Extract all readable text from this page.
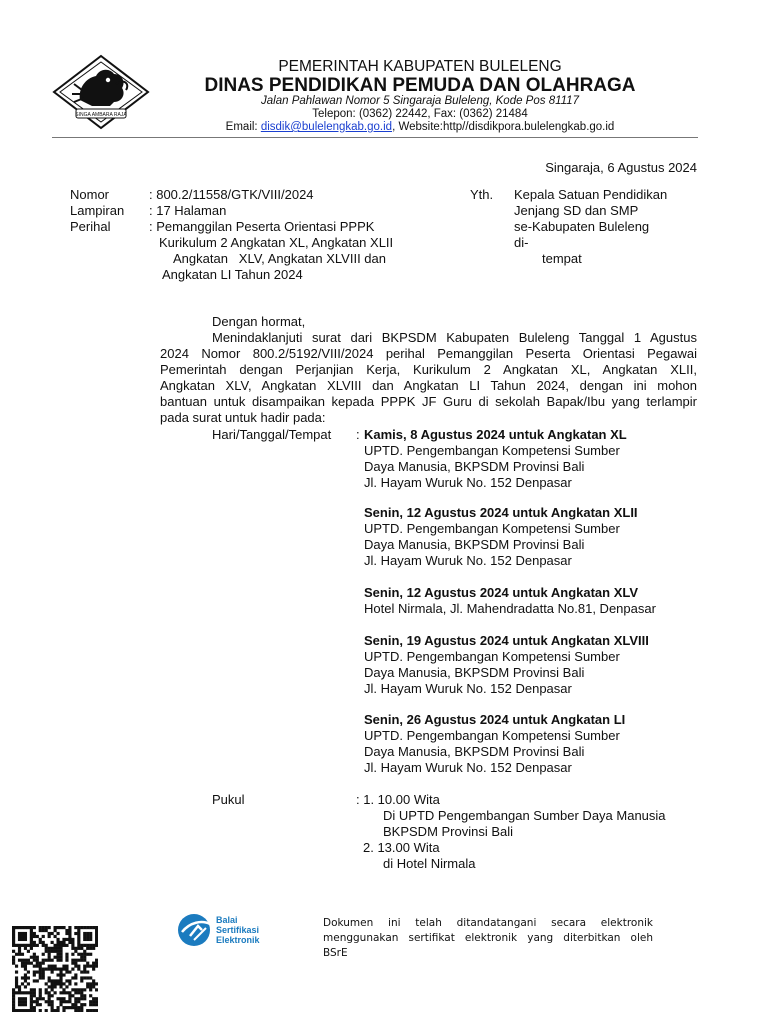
SINGA AMBARA RAJA
PEMERINTAH KABUPATEN BULELENG
DINAS PENDIDIKAN PEMUDA DAN OLAHRAGA
Jalan Pahlawan Nomor 5 Singaraja Buleleng, Kode Pos 81117
Telepon: (0362) 22442, Fax: (0362) 21484
Email: disdik@bulelengkab.go.id, Website:http//disdikpora.bulelengkab.go.id
Singaraja, 6 Agustus 2024
Nomor	: 800.2/11558/GTK/VIII/2024
Lampiran : 17 Halaman
Perihal	: Pemanggilan Peserta Orientasi PPPK
Kurikulum 2 Angkatan XL, Angkatan XLII
Angkatan   XLV, Angkatan XLVIII dan
Angkatan LI Tahun 2024
Yth. Kepala Satuan Pendidikan
Jenjang SD dan SMP
se-Kabupaten Buleleng
di-
tempat
Dengan hormat,
Menindaklanjuti surat dari BKPSDM Kabupaten Buleleng Tanggal 1 Agustus
2024 Nomor 800.2/5192/VIII/2024 perihal Pemanggilan Peserta Orientasi Pegawai
Pemerintah dengan Perjanjian Kerja, Kurikulum 2 Angkatan XL, Angkatan XLII,
Angkatan XLV, Angkatan XLVIII dan Angkatan LI Tahun 2024, dengan ini mohon
bantuan untuk disampaikan kepada PPPK JF Guru di sekolah Bapak/Ibu yang terlampir
pada surat untuk hadir pada:
Hari/Tanggal/Tempat : Kamis, 8 Agustus 2024 untuk Angkatan XL
UPTD. Pengembangan Kompetensi Sumber
Daya Manusia, BKPSDM Provinsi Bali
Jl. Hayam Wuruk No. 152 Denpasar
Senin, 12 Agustus 2024 untuk Angkatan XLII
UPTD. Pengembangan Kompetensi Sumber
Daya Manusia, BKPSDM Provinsi Bali
Jl. Hayam Wuruk No. 152 Denpasar
Senin, 12 Agustus 2024 untuk Angkatan XLV
Hotel Nirmala, Jl. Mahendradatta No.81, Denpasar
Senin, 19 Agustus 2024 untuk Angkatan XLVIII
UPTD. Pengembangan Kompetensi Sumber
Daya Manusia, BKPSDM Provinsi Bali
Jl. Hayam Wuruk No. 152 Denpasar
Senin, 26 Agustus 2024 untuk Angkatan LI
UPTD. Pengembangan Kompetensi Sumber
Daya Manusia, BKPSDM Provinsi Bali
Jl. Hayam Wuruk No. 152 Denpasar
Pukul	: 1. 10.00 Wita
Di UPTD Pengembangan Sumber Daya Manusia
BKPSDM Provinsi Bali
2. 13.00 Wita
di Hotel Nirmala
Balai
Sertifikasi
Elektronik
Dokumen ini telah ditandatangani secara elektronik
menggunakan sertifikat elektronik yang diterbitkan oleh
BSrE
